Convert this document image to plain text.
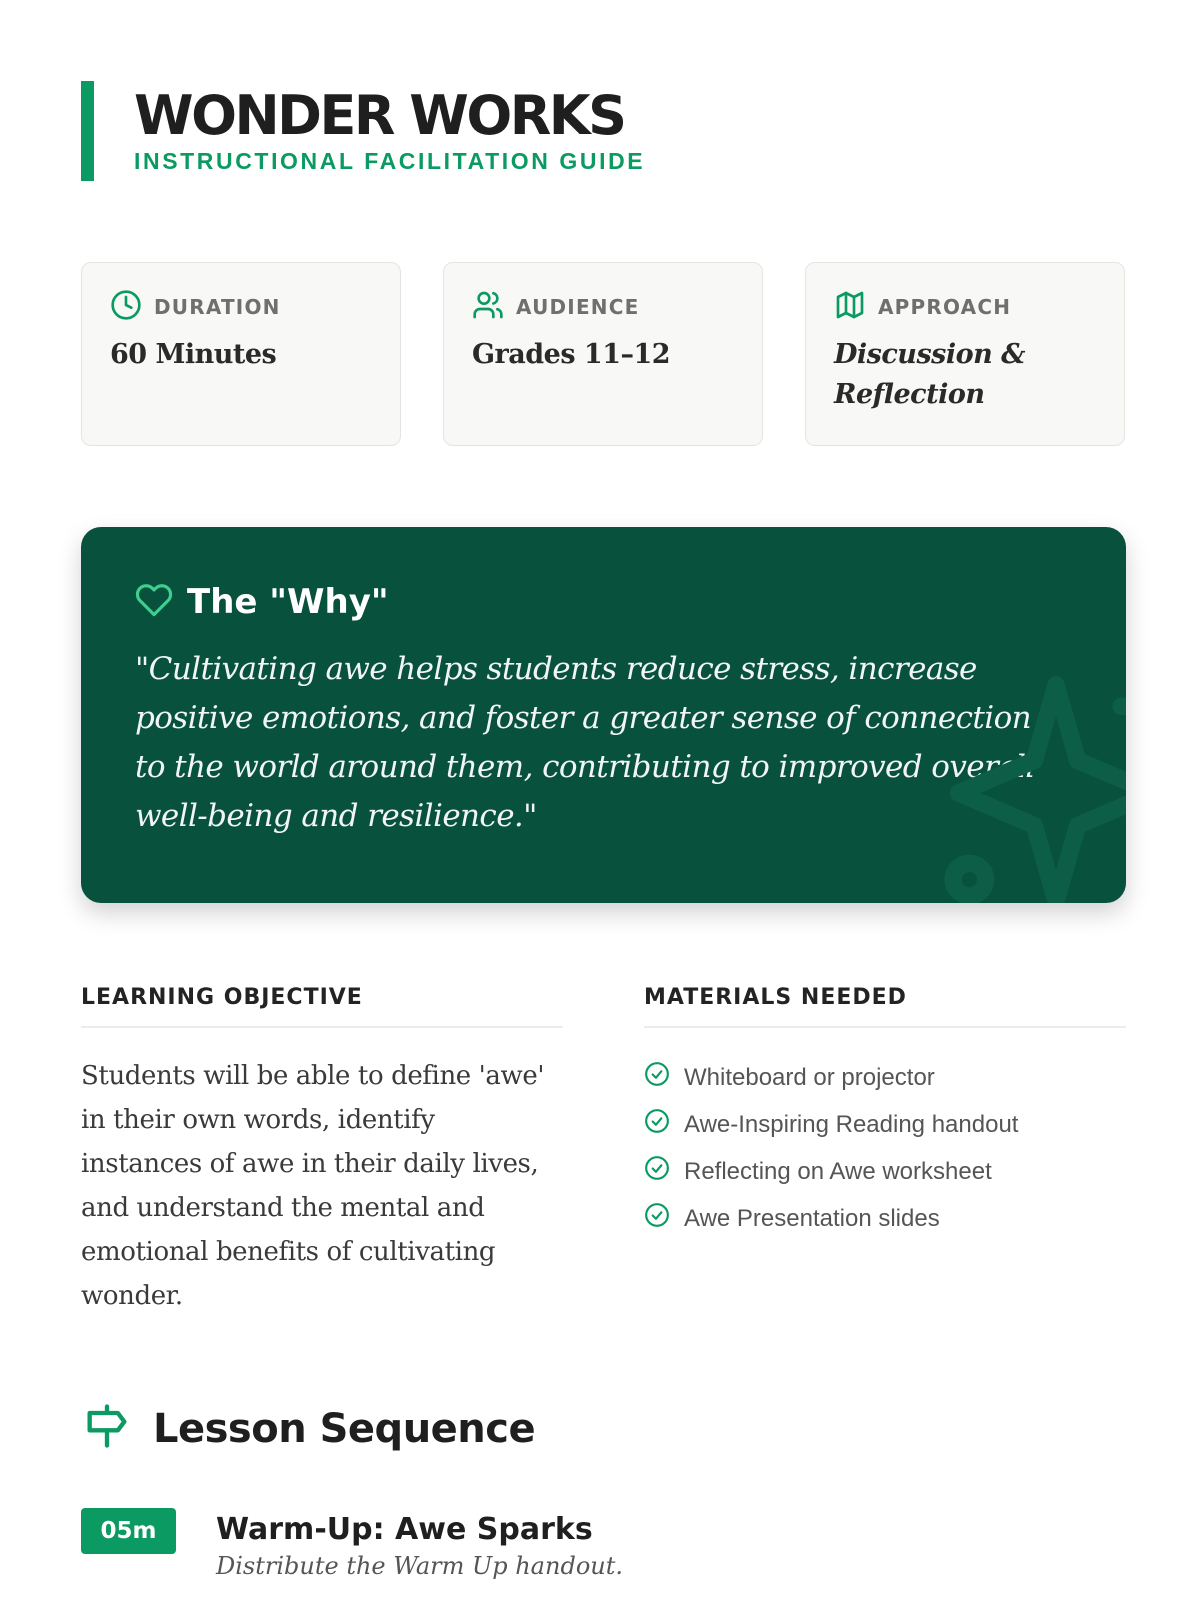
WONDER WORKS
INSTRUCTIONAL FACILITATION GUIDE
DURATION
60 Minutes
AUDIENCE
Grades 11–12
APPROACH
Discussion & Reflection
The "Why"
"Cultivating awe helps students reduce stress, increase positive emotions, and foster a greater sense of connection to the world around them, contributing to improved overall well-being and resilience."
LEARNING OBJECTIVE

Students will be able to define 'awe' in their own words, identify instances of awe in their daily lives, and understand the mental and emotional benefits of cultivating wonder.

MATERIALS NEEDED
Whiteboard or projector
Awe-Inspiring Reading handout
Reflecting on Awe worksheet
Awe Presentation slides
Lesson Sequence
05m	Warm-Up: Awe Sparks
Distribute the Warm Up handout.
